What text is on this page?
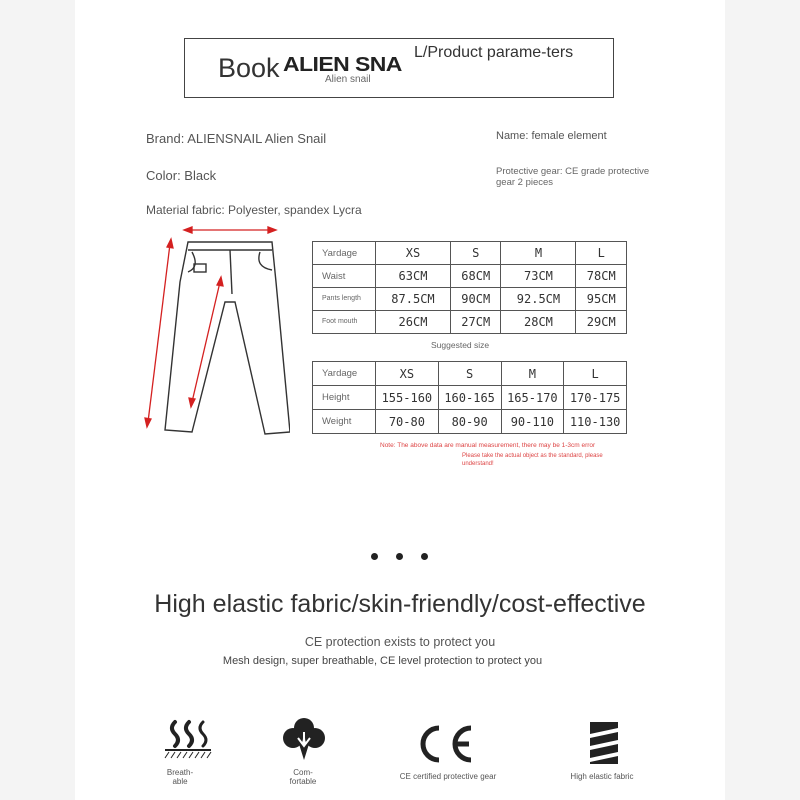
Book ALIEN SNA
Alien snail
L/Product parame-ters
Brand: ALIENSNAIL Alien Snail
Color: Black
Material fabric: Polyester, spandex Lycra
Name: female element
Protective gear: CE grade protective gear 2 pieces
Yardage	XS	S	M	L
Waist	63CM	68CM	73CM	78CM
Pants length	87.5CM	90CM	92.5CM	95CM
Foot mouth	26CM	27CM	28CM	29CM
Suggested size
Yardage	XS	S	M	L
Height	155-160	160-165	165-170	170-175
Weight	70-80	80-90	90-110	110-130
Note: The above data are manual measurement, there may be 1-3cm error
Please take the actual object as the standard, please understand!
High elastic fabric/skin-friendly/cost-effective
CE protection exists to protect you
Mesh design, super breathable, CE level protection to protect you
Breath-able
Com-fortable
CE certified protective gear	High elastic fabric
